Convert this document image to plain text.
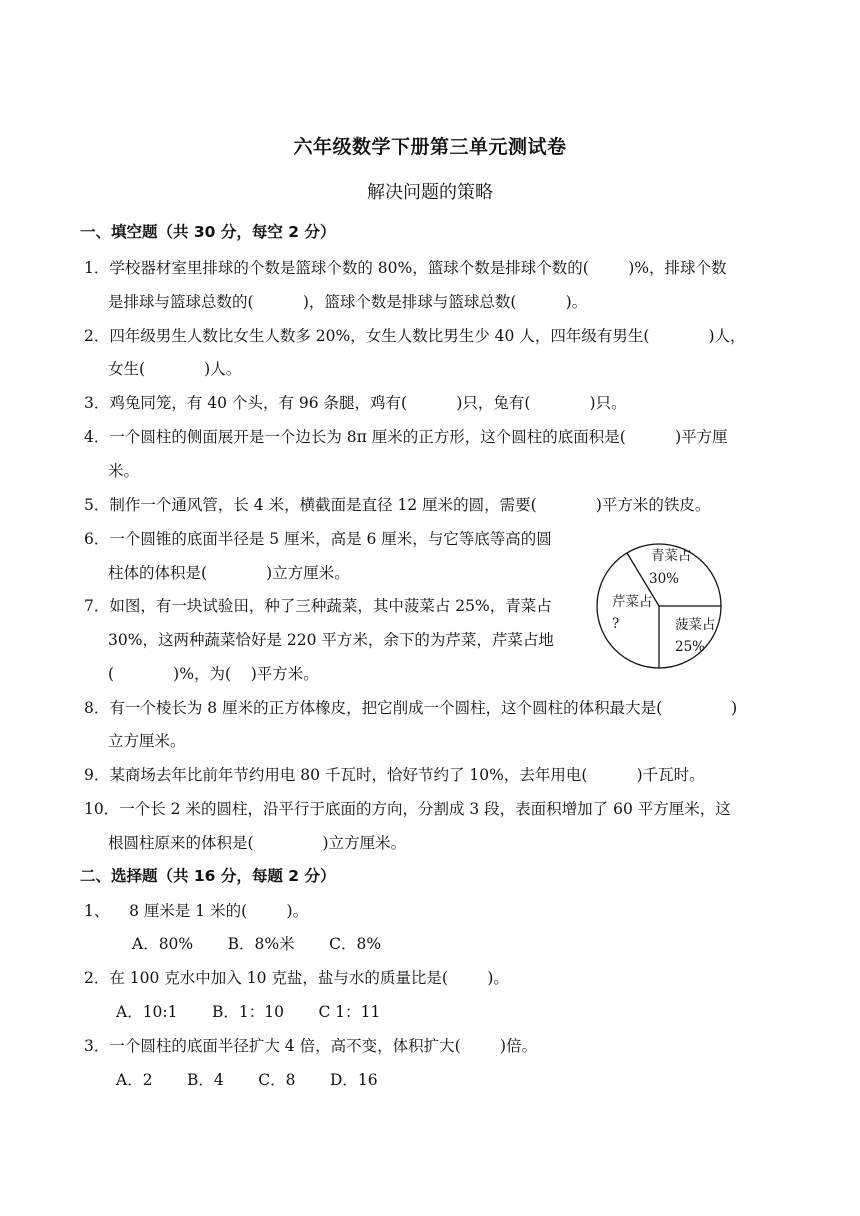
六年级数学下册第三单元测试卷
解决问题的策略
一、填空题（共 30 分，每空 2 分）
1．学校器材室里排球的个数是篮球个数的 80%，篮球个数是排球个数的(        )%，排球个数
是排球与篮球总数的(          )，篮球个数是排球与篮球总数(          )。
2．四年级男生人数比女生人数多 20%，女生人数比男生少 40 人，四年级有男生(            )人，
女生(            )人。
3．鸡兔同笼，有 40 个头，有 96 条腿，鸡有(          )只，兔有(            )只。
4．一个圆柱的侧面展开是一个边长为 8π 厘米的正方形，这个圆柱的底面积是(          )平方厘
米。
5．制作一个通风管，长 4 米，横截面是直径 12 厘米的圆，需要(            )平方米的铁皮。
6．一个圆锥的底面半径是 5 厘米，高是 6 厘米，与它等底等高的圆
柱体的体积是(            )立方厘米。
7．如图，有一块试验田，种了三种蔬菜，其中菠菜占 25%，青菜占
30%，这两种蔬菜恰好是 220 平方米，余下的为芹菜，芹菜占地
(            )%，为(    )平方米。
8．有一个棱长为 8 厘米的正方体橡皮，把它削成一个圆柱，这个圆柱的体积最大是(              )
立方厘米。
9．某商场去年比前年节约用电 80 千瓦时，恰好节约了 10%，去年用电(          )千瓦时。
10．一个长 2 米的圆柱，沿平行于底面的方向，分割成 3 段，表面积增加了 60 平方厘米，这
根圆柱原来的体积是(              )立方厘米。
青菜占
30%
芹菜占
?	菠菜占
25%
二、选择题（共 16 分，每题 2 分）
1、    8 厘米是 1 米的(        )。
A．80%       B．8%米       C．8%
2．在 100 克水中加入 10 克盐，盐与水的质量比是(        )。
A．10:1       B．1：10       C 1：11
3．一个圆柱的底面半径扩大 4 倍，高不变，体积扩大(        )倍。
A．2       B．4       C．8       D．16
